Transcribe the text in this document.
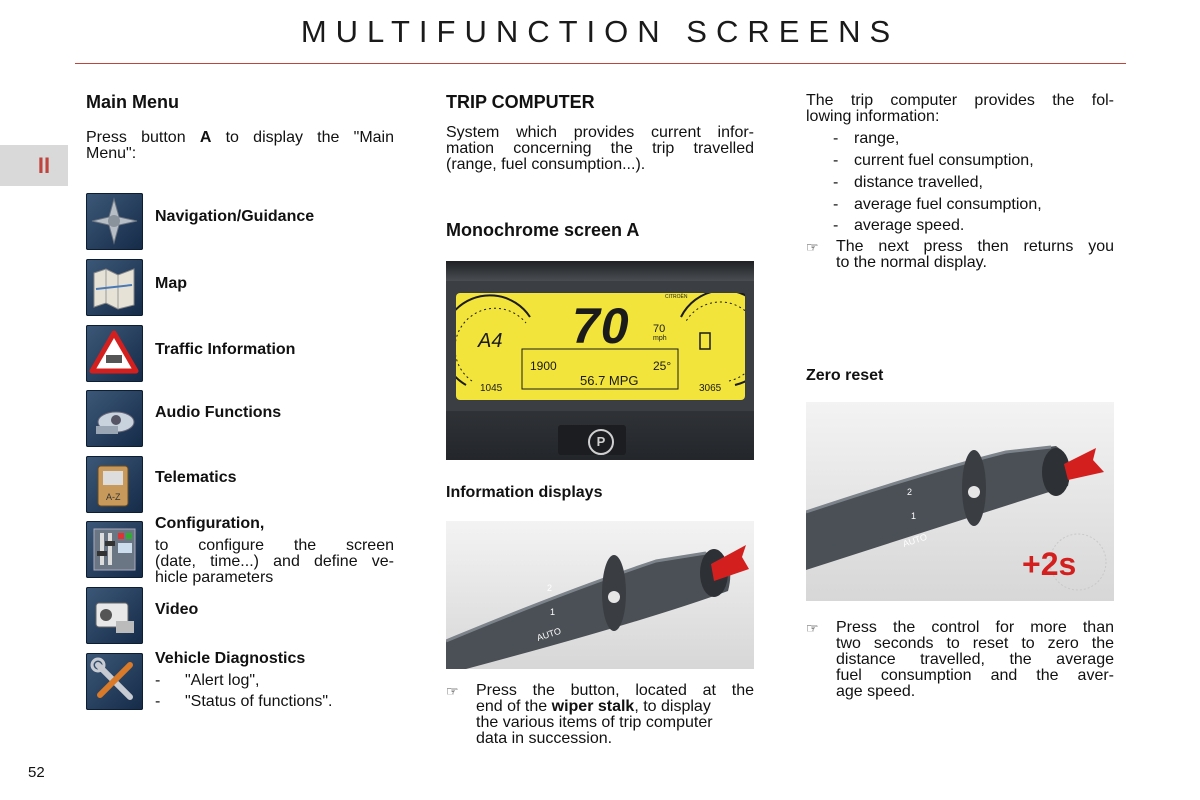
MULTIFUNCTION SCREENS
II
52
Main Menu
Press button A to display the "Main
Menu":
A-Z
Navigation/Guidance
Map
Traffic Information
Audio Functions
Telematics
Configuration,
to configure the screen
(date, time...) and define ve-
hicle parameters
Video
Vehicle Diagnostics
- "Alert log",
- "Status of functions".
TRIP COMPUTER
System which provides current infor-
mation concerning the trip travelled
(range, fuel consumption...).
Monochrome screen A
P
70 70
mph
CITROËN
A4
1900	25°
56.7 MPG
1045	3065
Information displays
AUTO
2
1
☞ Press the button, located at the
end of the wiper stalk, to display
the various items of trip computer
data in succession.
The trip computer provides the fol-
lowing information:
- range,
- current fuel consumption,
- distance travelled,
- average fuel consumption,
- average speed.
☞ The next press then returns you
to the normal display.
Zero reset
AUTO
2
1
+2s
☞ Press the control for more than
two seconds to reset to zero the
distance travelled, the average
fuel consumption and the aver-
age speed.
